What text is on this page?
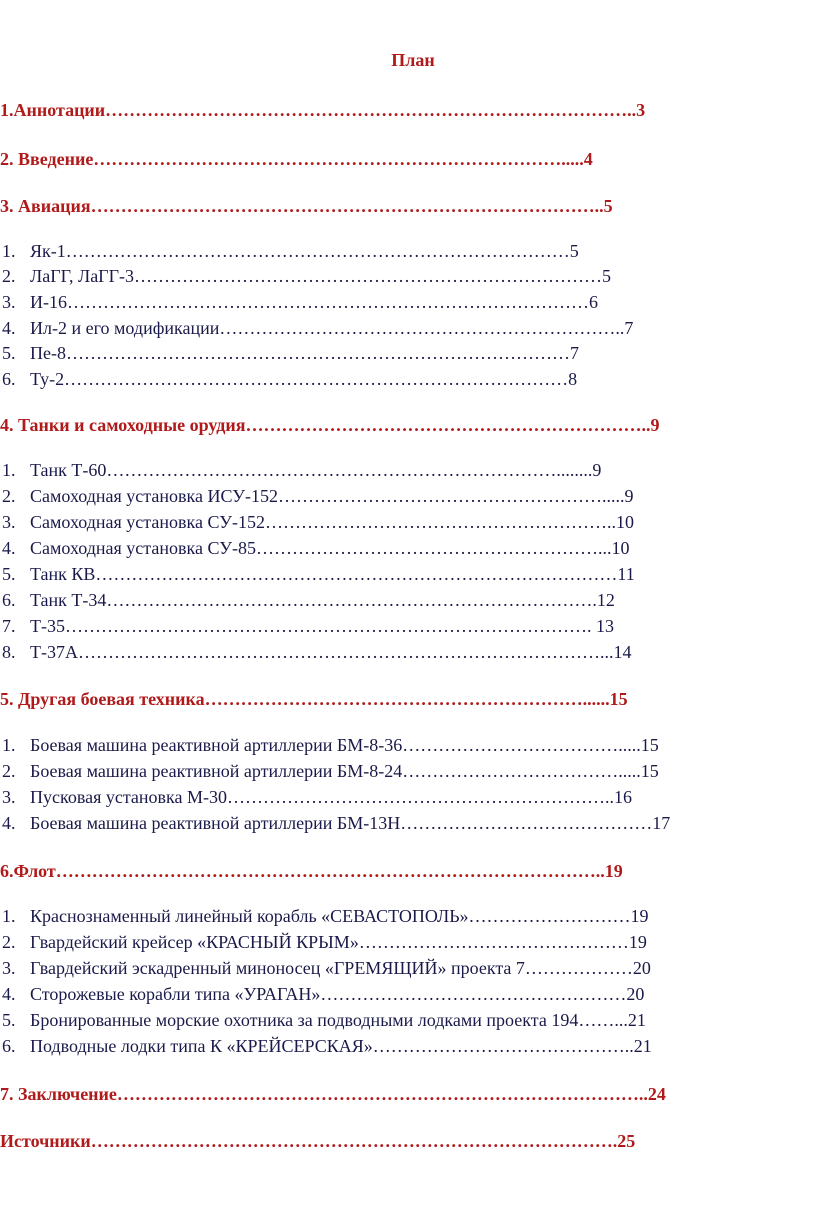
План
1.Аннотации……………………………………………………………………………..3
2. Введение…………………………………………………………………….....4
3. Авиация…………………………………………………………………………..5
1. Як-1…………………………………………………………………………5
2. ЛаГГ, ЛаГГ-3……………………………………………………………………5
3. И-16……………………………………………………………………………6
4. Ил-2 и его модификации…………………………………………………………..7
5. Пе-8…………………………………………………………………………7
6. Ту-2…………………………………………………………………………8
4. Танки и самоходные орудия…………………………………………………………..9
1. Танк Т-60…………………………………………………………………........9
2. Самоходная установка ИСУ-152……………………………………………….....9
3. Самоходная установка СУ-152…………………………………………………..10
4. Самоходная установка СУ-85…………………………………………………...10
5. Танк КВ……………………………………………………………………………11
6. Танк Т-34……………………………………………………………………….12
7. Т-35……………………………………………………………………………. 13
8. Т-37А……………………………………………………………………………...14
5. Другая боевая техника………………………………………………………......15
1. Боевая машина реактивной артиллерии БМ-8-36……………………………….....15
2. Боевая машина реактивной артиллерии БМ-8-24……………………………….....15
3. Пусковая установка М-30………………………………………………………..16
4. Боевая машина реактивной артиллерии БМ-13Н……………………………………17
6.Флот………………………………………………………………………………..19
1. Краснознаменный линейный корабль «СЕВАСТОПОЛЬ»………………………19
2. Гвардейский крейсер «КРАСНЫЙ КРЫМ»………………………………………19
3. Гвардейский эскадренный миноносец «ГРЕМЯЩИЙ» проекта 7………………20
4. Сторожевые корабли типа «УРАГАН»……………………………………………20
5. Бронированные морские охотника за подводными лодками проекта 194……...21
6. Подводные лодки типа К «КРЕЙСЕРСКАЯ»……………………………………..21
7. Заключение……………………………………………………………………………..24
Источники…………………………………………………………………………….25
